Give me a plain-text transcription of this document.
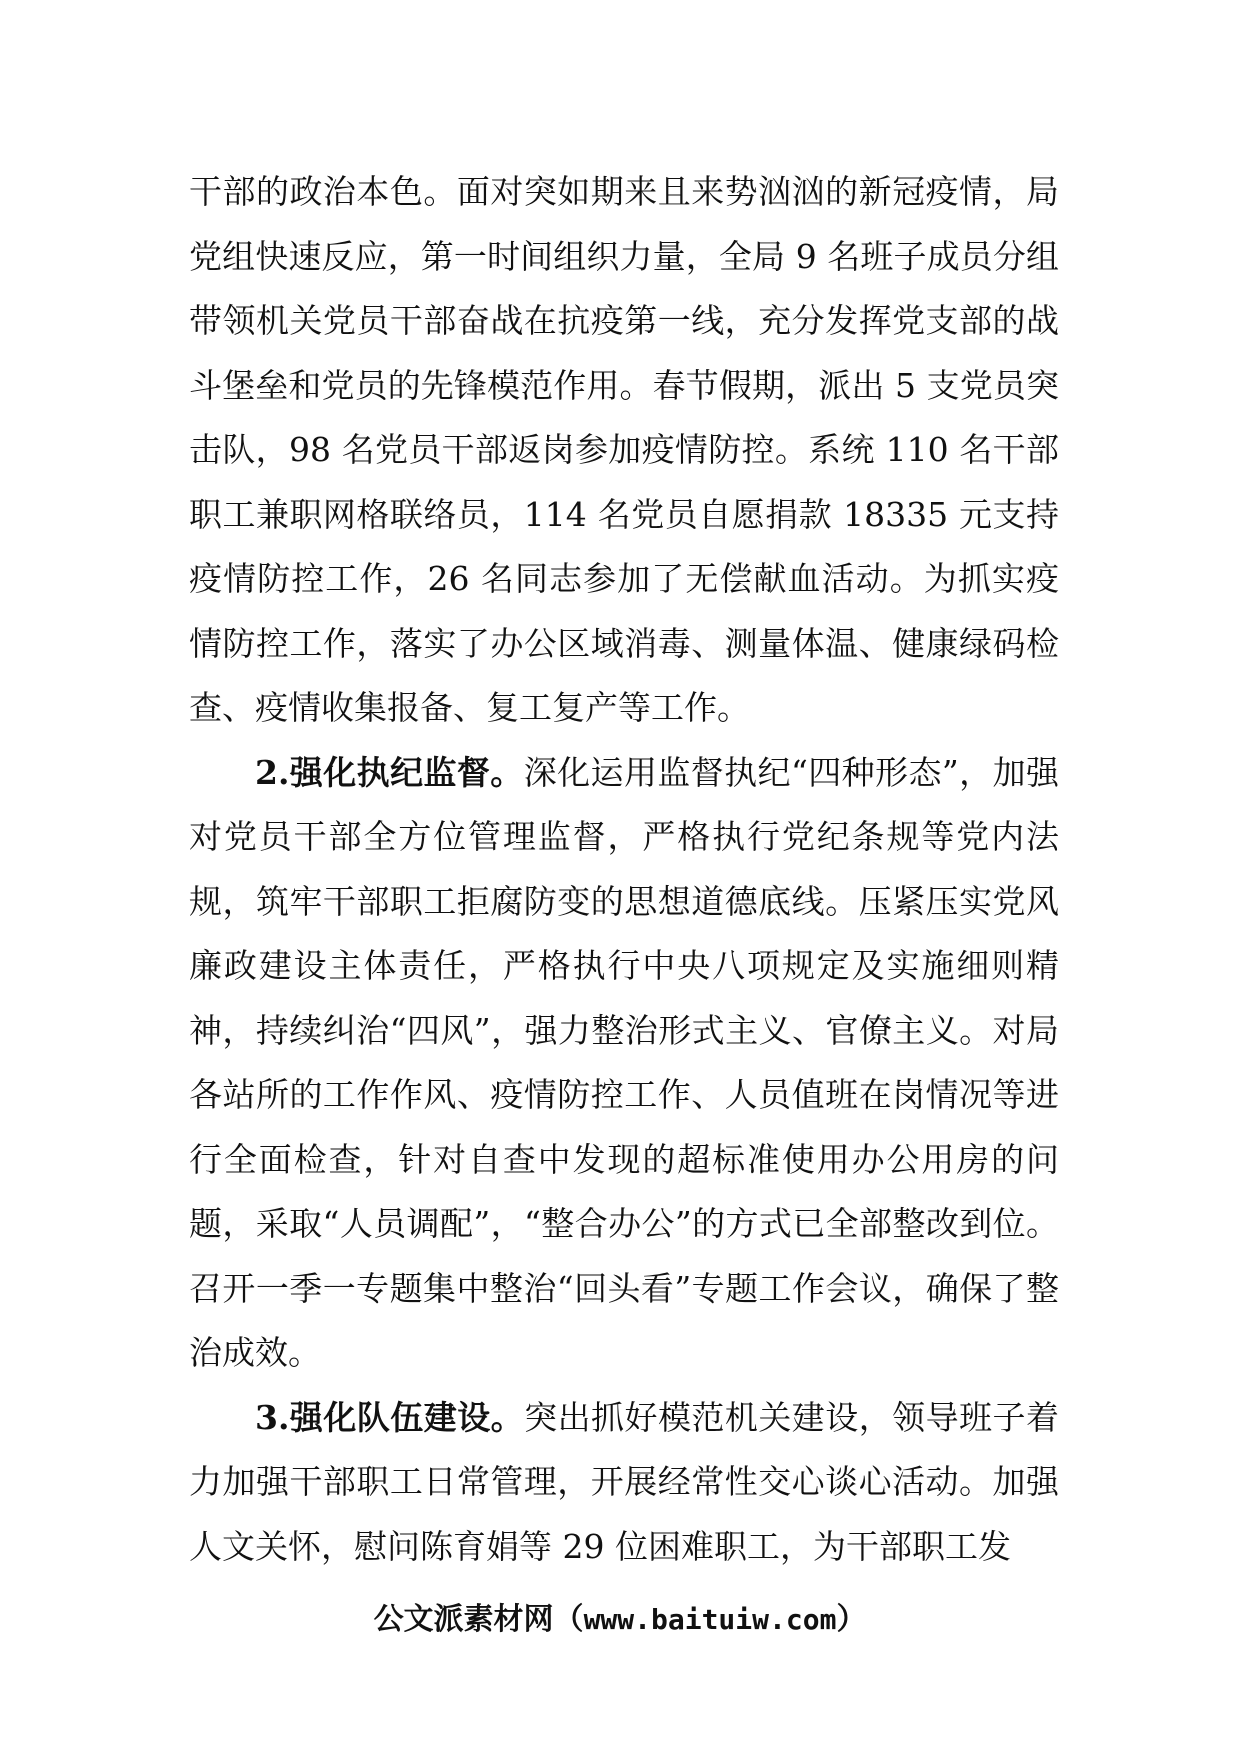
干部的政治本色。面对突如期来且来势汹汹的新冠疫情，局党组快速反应，第一时间组织力量，全局 9 名班子成员分组带领机关党员干部奋战在抗疫第一线，充分发挥党支部的战斗堡垒和党员的先锋模范作用。春节假期，派出 5 支党员突击队，98 名党员干部返岗参加疫情防控。系统 110 名干部职工兼职网格联络员，114 名党员自愿捐款 18335 元支持疫情防控工作，26 名同志参加了无偿献血活动。为抓实疫情防控工作，落实了办公区域消毒、测量体温、健康绿码检查、疫情收集报备、复工复产等工作。

2.强化执纪监督。深化运用监督执纪“四种形态”，加强对党员干部全方位管理监督，严格执行党纪条规等党内法规，筑牢干部职工拒腐防变的思想道德底线。压紧压实党风廉政建设主体责任，严格执行中央八项规定及实施细则精神，持续纠治“四风”，强力整治形式主义、官僚主义。对局各站所的工作作风、疫情防控工作、人员值班在岗情况等进行全面检查，针对自查中发现的超标准使用办公用房的问题，采取“人员调配”，“整合办公”的方式已全部整改到位。召开一季一专题集中整治“回头看”专题工作会议，确保了整治成效。

3.强化队伍建设。突出抓好模范机关建设，领导班子着力加强干部职工日常管理，开展经常性交心谈心活动。加强人文关怀，慰问陈育娟等 29 位困难职工，为干部职工发

公文派素材网（www.baituiw.com）
